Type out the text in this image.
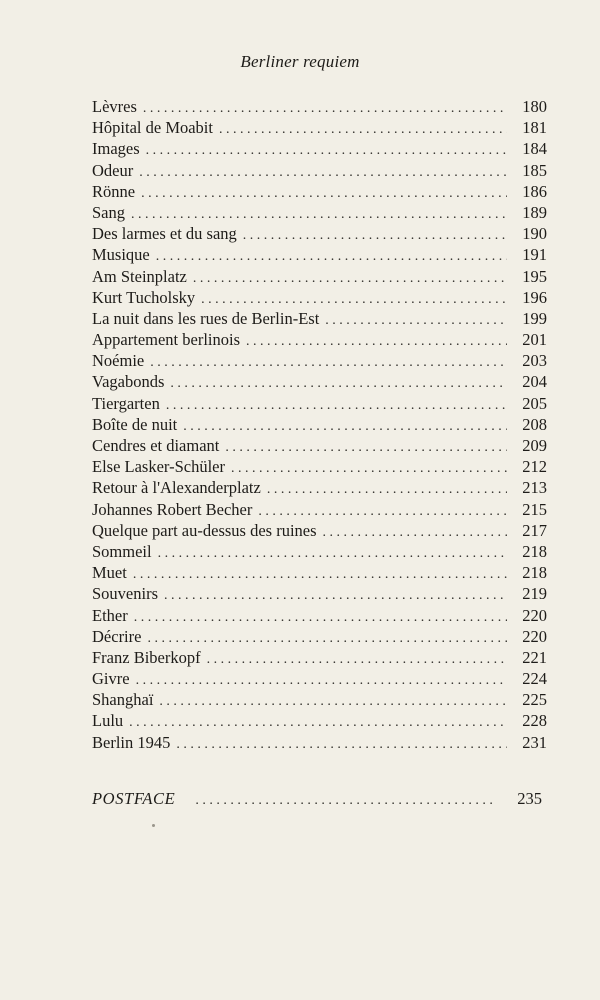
Berliner requiem
Lèvres . . .	180
Hôpital de Moabit . . .	181
Images . . .	184
Odeur . . .	185
Rönne . . .	186
Sang . . .	189
Des larmes et du sang . . .	190
Musique . . .	191
Am Steinplatz . . .	195
Kurt Tucholsky . . .	196
La nuit dans les rues de Berlin-Est . . .	199
Appartement berlinois . . .	201
Noémie . . .	203
Vagabonds . . .	204
Tiergarten . . .	205
Boîte de nuit . . .	208
Cendres et diamant . . .	209
Else Lasker-Schüler . . .	212
Retour à l'Alexanderplatz . . .	213
Johannes Robert Becher . . .	215
Quelque part au-dessus des ruines . . .	217
Sommeil . . .	218
Muet . . .	218
Souvenirs . . .	219
Ether . . .	220
Décrire . . .	220
Franz Biberkopf . . .	221
Givre . . .	224
Shanghaï . . .	225
Lulu . . .	228
Berlin 1945 . . .	231
POSTFACE . . .	235
